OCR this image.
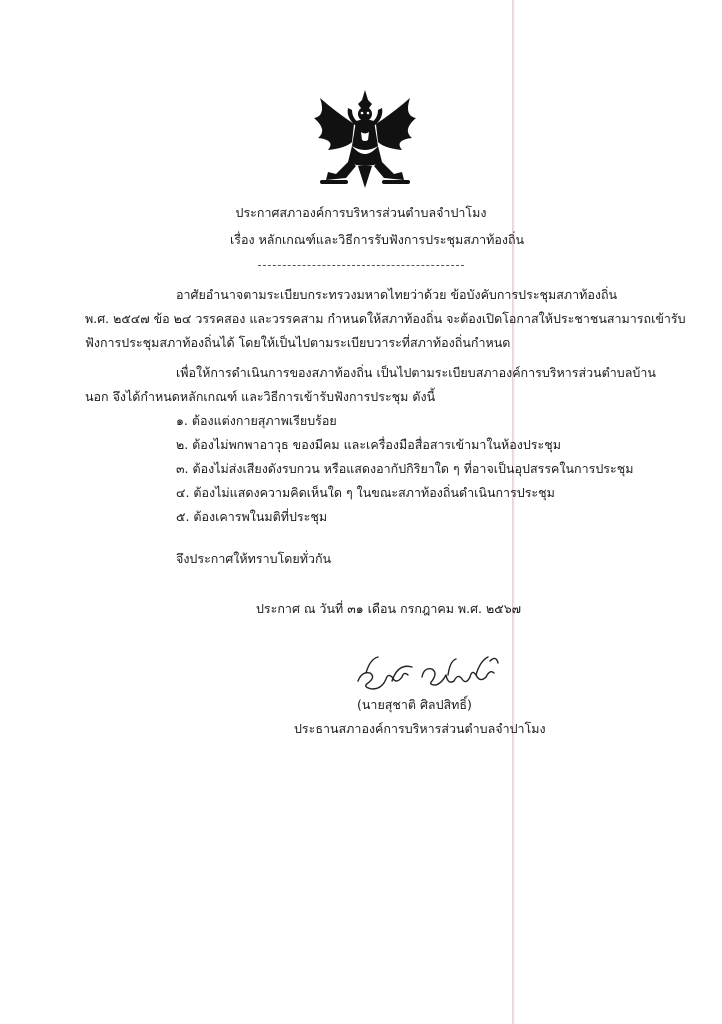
ประกาศสภาองค์การบริหารส่วนตำบลจำปาโมง
เรื่อง หลักเกณฑ์และวิธีการรับฟังการประชุมสภาท้องถิ่น
อาศัยอำนาจตามระเบียบกระทรวงมหาดไทยว่าด้วย ข้อบังคับการประชุมสภาท้องถิ่น
พ.ศ. ๒๕๔๗ ข้อ ๒๔ วรรคสอง และวรรคสาม กำหนดให้สภาท้องถิ่น จะต้องเปิดโอกาสให้ประชาชนสามารถเข้ารับ
ฟังการประชุมสภาท้องถิ่นได้ โดยให้เป็นไปตามระเบียบวาระที่สภาท้องถิ่นกำหนด
เพื่อให้การดำเนินการของสภาท้องถิ่น เป็นไปตามระเบียบสภาองค์การบริหารส่วนตำบลบ้าน
นอก จึงได้กำหนดหลักเกณฑ์ และวิธีการเข้ารับฟังการประชุม ดังนี้
๑. ต้องแต่งกายสุภาพเรียบร้อย
๒. ต้องไม่พกพาอาวุธ ของมีคม และเครื่องมือสื่อสารเข้ามาในห้องประชุม
๓. ต้องไม่ส่งเสียงดังรบกวน หรือแสดงอากัปกิริยาใด ๆ ที่อาจเป็นอุปสรรคในการประชุม
๔. ต้องไม่แสดงความคิดเห็นใด ๆ ในขณะสภาท้องถิ่นดำเนินการประชุม
๕. ต้องเคารพในมติที่ประชุม
จึงประกาศให้ทราบโดยทั่วกัน
ประกาศ ณ วันที่ ๓๑ เดือน กรกฎาคม พ.ศ. ๒๕๖๗
(นายสุชาติ ศิลปสิทธิ์)
ประธานสภาองค์การบริหารส่วนตำบลจำปาโมง
